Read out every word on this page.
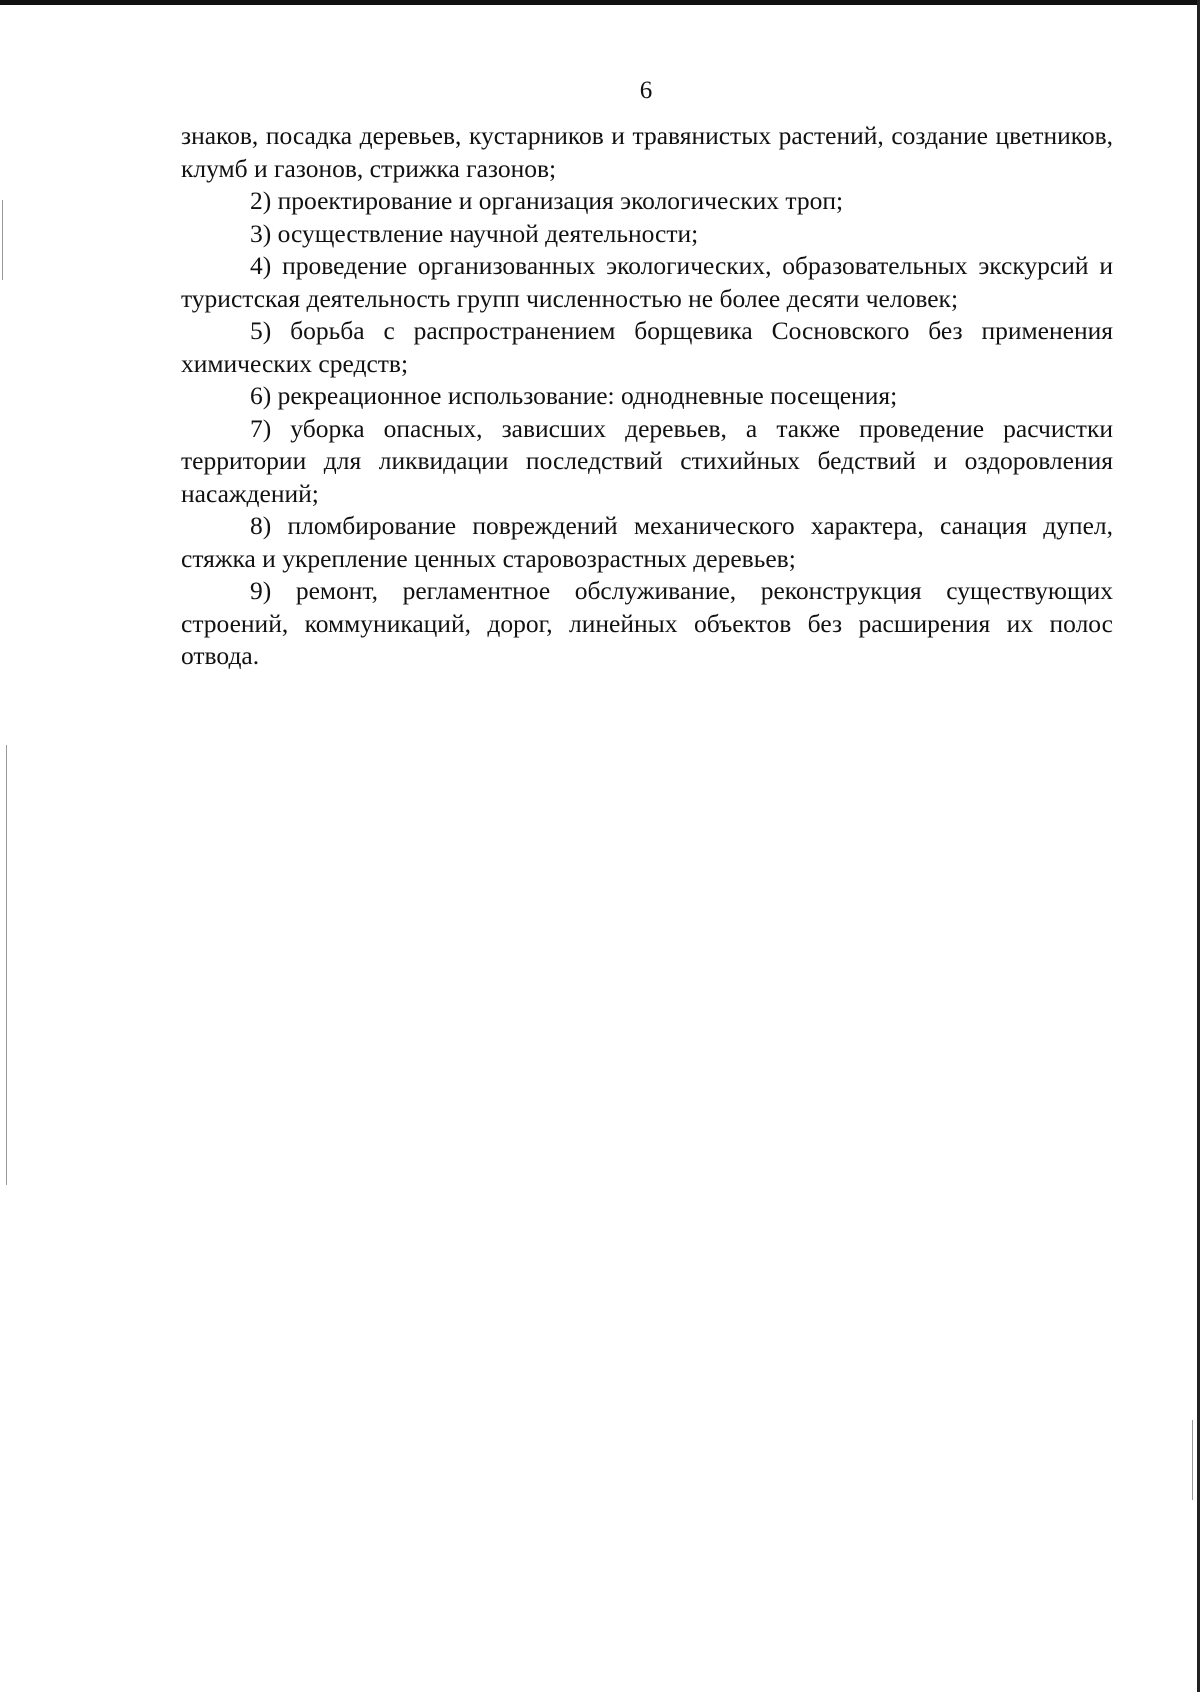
6

знаков, посадка деревьев, кустарников и травянистых растений, создание цветников, клумб и газонов, стрижка газонов;

2) проектирование и организация экологических троп;

3) осуществление научной деятельности;

4) проведение организованных экологических, образовательных экскурсий и туристская деятельность групп численностью не более десяти человек;

5) борьба с распространением борщевика Сосновского без применения химических средств;

6) рекреационное использование: однодневные посещения;

7) уборка опасных, зависших деревьев, а также проведение расчистки территории для ликвидации последствий стихийных бедствий и оздоровления насаждений;

8) пломбирование повреждений механического характера, санация дупел, стяжка и укрепление ценных старовозрастных деревьев;

9) ремонт, регламентное обслуживание, реконструкция существующих строений, коммуникаций, дорог, линейных объектов без расширения их полос отвода.
